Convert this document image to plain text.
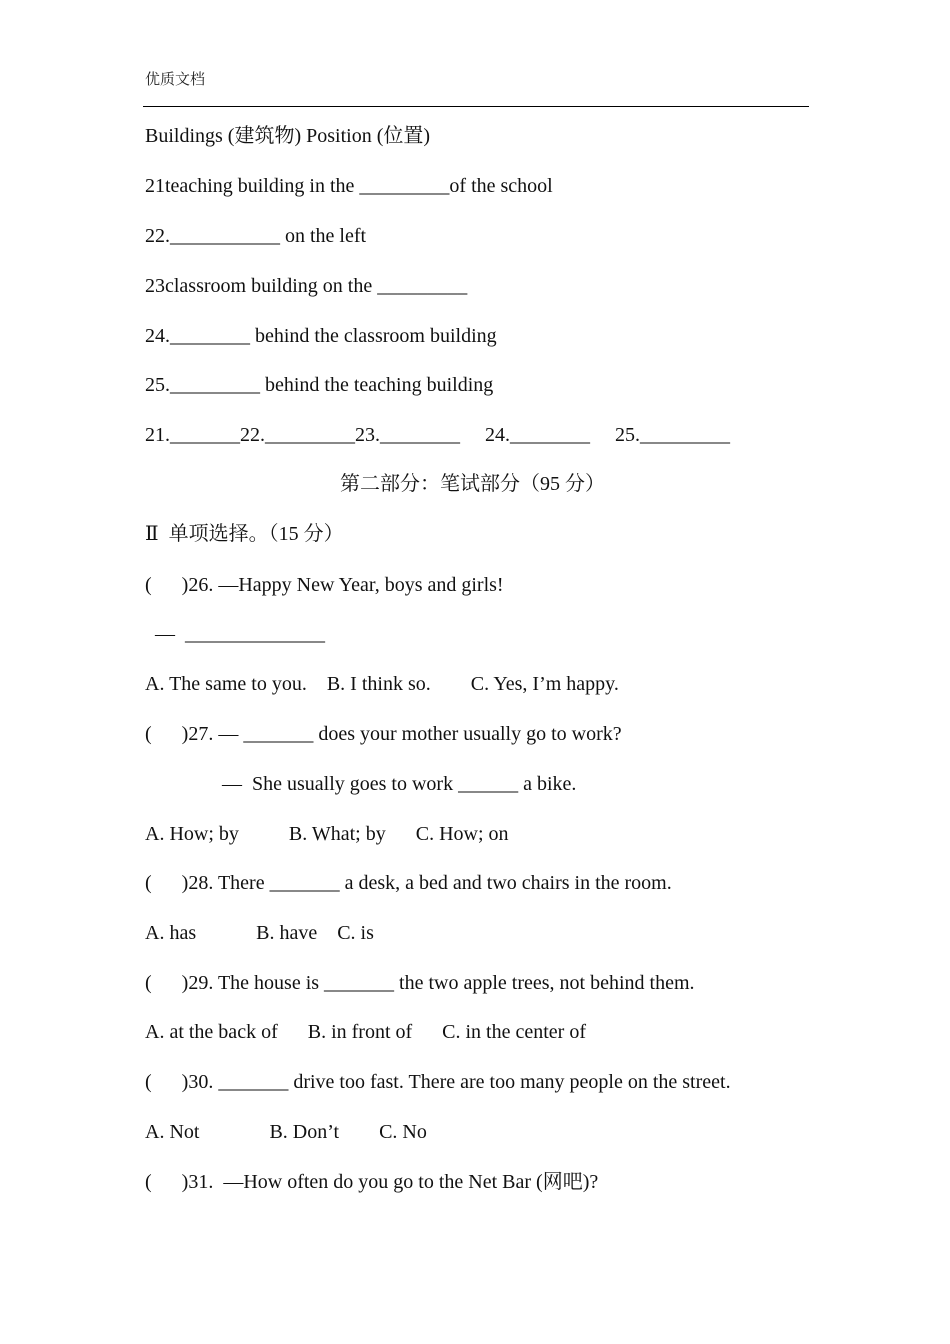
优质文档
Buildings (建筑物) Position (位置)
21teaching building in the _________of the school
22.___________ on the left
23classroom building on the _________
24.________ behind the classroom building
25._________ behind the teaching building
21._______22._________23.________     24.________     25._________
第二部分：笔试部分（95 分）
Ⅱ  单项选择。（15 分）
(      )26. —Happy New Year, boys and girls!
—  ______________
A. The same to you.    B. I think so.        C. Yes, I’m happy.
(      )27. — _______ does your mother usually go to work?
—  She usually goes to work ______ a bike.
A. How; by          B. What; by      C. How; on
(      )28. There _______ a desk, a bed and two chairs in the room.
A. has            B. have    C. is
(      )29. The house is _______ the two apple trees, not behind them.
A. at the back of      B. in front of      C. in the center of
(      )30. _______ drive too fast. There are too many people on the street.
A. Not              B. Don’t        C. No
(      )31.  —How often do you go to the Net Bar (网吧)?
